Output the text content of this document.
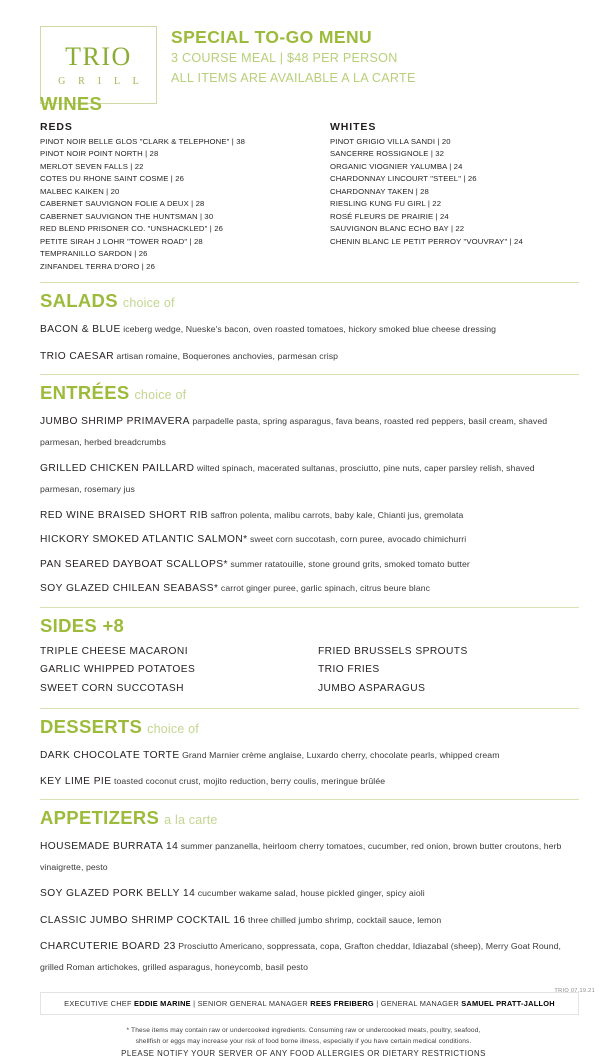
TRIO
G R I L L
SPECIAL TO-GO MENU
3 COURSE MEAL | $48 PER PERSON
ALL ITEMS ARE AVAILABLE A LA CARTE
WINES
REDS
PINOT NOIR BELLE GLOS "CLARK & TELEPHONE" | 38
PINOT NOIR POINT NORTH | 28
MERLOT SEVEN FALLS | 22
COTES DU RHONE SAINT COSME | 26
MALBEC KAIKEN | 20
CABERNET SAUVIGNON FOLIE A DEUX | 28
CABERNET SAUVIGNON THE HUNTSMAN | 30
RED BLEND PRISONER CO. "UNSHACKLED" | 26
PETITE SIRAH J LOHR "TOWER ROAD" | 28
TEMPRANILLO SARDON | 26
ZINFANDEL TERRA D'ORO | 26
WHITES
PINOT GRIGIO VILLA SANDI | 20
SANCERRE ROSSIGNOLE | 32
ORGANIC VIOGNIER YALUMBA | 24
CHARDONNAY LINCOURT "STEEL" | 26
CHARDONNAY TAKEN | 28
RIESLING KUNG FU GIRL | 22
ROSÉ FLEURS DE PRAIRIE | 24
SAUVIGNON BLANC ECHO BAY | 22
CHENIN BLANC LE PETIT PERROY "VOUVRAY" | 24
SALADS choice of
BACON & BLUE iceberg wedge, Nueske's bacon, oven roasted tomatoes, hickory smoked blue cheese dressing
TRIO CAESAR artisan romaine, Boquerones anchovies, parmesan crisp
ENTRÉES choice of
JUMBO SHRIMP PRIMAVERA parpadelle pasta, spring asparagus, fava beans, roasted red peppers, basil cream, shaved parmesan, herbed breadcrumbs
GRILLED CHICKEN PAILLARD wilted spinach, macerated sultanas, prosciutto, pine nuts, caper parsley relish, shaved parmesan, rosemary jus
RED WINE BRAISED SHORT RIB saffron polenta, malibu carrots, baby kale, Chianti jus, gremolata
HICKORY SMOKED ATLANTIC SALMON* sweet corn succotash, corn puree, avocado chimichurri
PAN SEARED DAYBOAT SCALLOPS* summer ratatouille, stone ground grits, smoked tomato butter
SOY GLAZED CHILEAN SEABASS* carrot ginger puree, garlic spinach, citrus beure blanc
SIDES +8
TRIPLE CHEESE MACARONI
GARLIC WHIPPED POTATOES
SWEET CORN SUCCOTASH
FRIED BRUSSELS SPROUTS
TRIO FRIES
JUMBO ASPARAGUS
DESSERTS choice of
DARK CHOCOLATE TORTE Grand Marnier crème anglaise, Luxardo cherry, chocolate pearls, whipped cream
KEY LIME PIE toasted coconut crust, mojito reduction, berry coulis, meringue brûlée
APPETIZERS a la carte
HOUSEMADE BURRATA 14 summer panzanella, heirloom cherry tomatoes, cucumber, red onion, brown butter croutons, herb vinaigrette, pesto
SOY GLAZED PORK BELLY 14 cucumber wakame salad, house pickled ginger, spicy aioli
CLASSIC JUMBO SHRIMP COCKTAIL 16 three chilled jumbo shrimp, cocktail sauce, lemon
CHARCUTERIE BOARD 23 Prosciutto Americano, soppressata, copa, Grafton cheddar, Idiazabal (sheep), Merry Goat Round, grilled Roman artichokes, grilled asparagus, honeycomb, basil pesto
EXECUTIVE CHEF EDDIE MARINE | SENIOR GENERAL MANAGER REES FREIBERG | GENERAL MANAGER SAMUEL PRATT-JALLOH
* These items may contain raw or undercooked ingredients. Consuming raw or undercooked meats, poultry, seafood,
shellfish or eggs may increase your risk of food borne illness, especially if you have certain medical conditions.
PLEASE NOTIFY YOUR SERVER OF ANY FOOD ALLERGIES OR DIETARY RESTRICTIONS
TRIO 07.19.21
